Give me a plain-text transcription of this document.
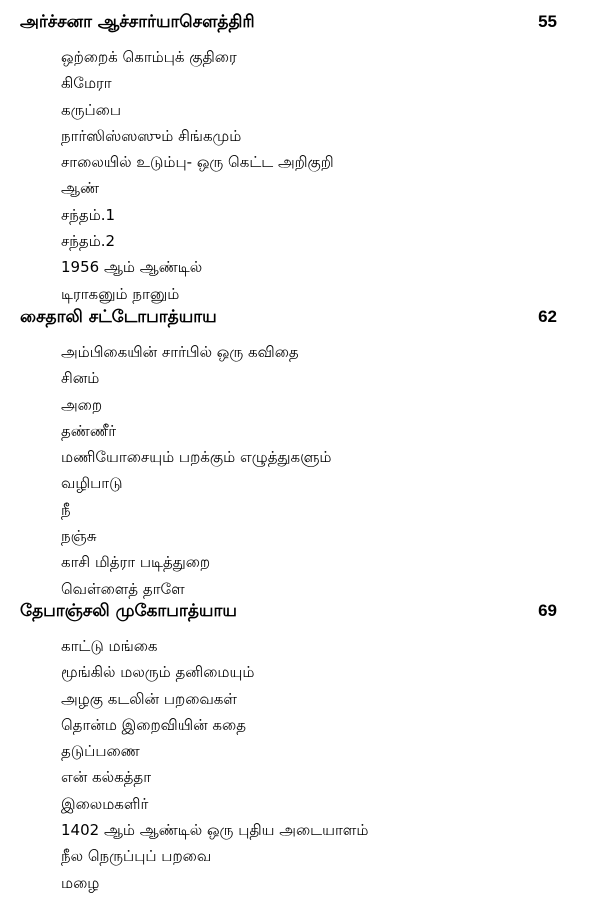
அர்ச்சனா ஆச்சார்யாசௌத்திரி	55
ஒற்றைக் கொம்புக் குதிரை
கிமேரா
கருப்பை
நார்ஸிஸ்ஸஸும் சிங்கமும்
சாலையில் உடும்பு- ஒரு கெட்ட அறிகுறி
ஆண்
சந்தம்.1
சந்தம்.2
1956 ஆம் ஆண்டில்
டிராகனும் நானும்
சைதாலி சட்டோபாத்யாய	62
அம்பிகையின் சார்பில் ஒரு கவிதை
சினம்
அறை
தண்ணீர்
மணியோசையும் பறக்கும் எழுத்துகளும்
வழிபாடு
நீ
நஞ்சு
காசி மித்ரா படித்துறை
வெள்ளைத் தாளே
தேபாஞ்சலி முகோபாத்யாய	69
காட்டு மங்கை
மூங்கில் மலரும் தனிமையும்
அழகு கடலின் பறவைகள்
தொன்ம இறைவியின் கதை
தடுப்பணை
என் கல்கத்தா
இலைமகளிர்
1402 ஆம் ஆண்டில் ஒரு புதிய அடையாளம்
நீல நெருப்புப் பறவை
மழை
